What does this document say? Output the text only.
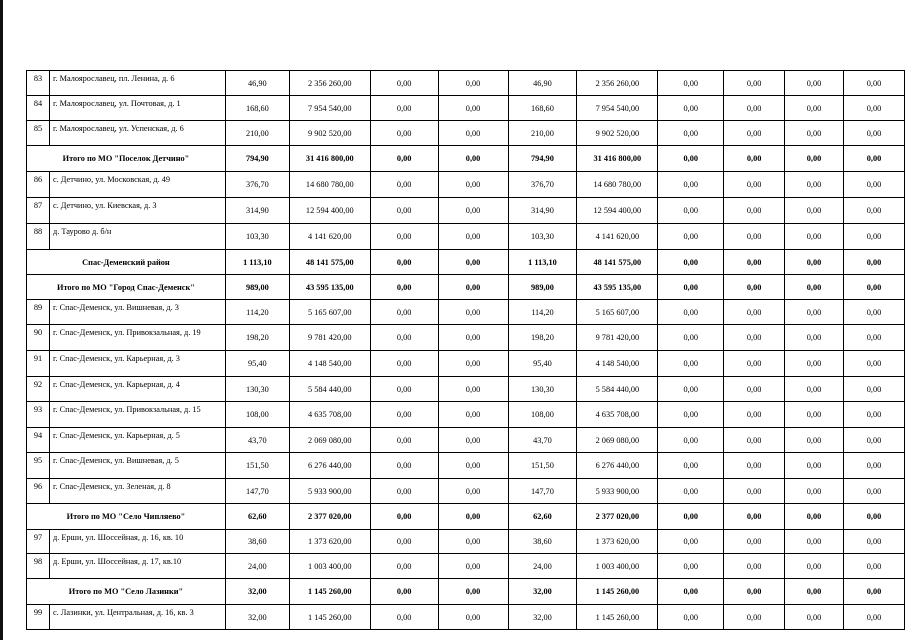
83	г. Малоярославец, пл. Ленина, д. 6	46,90	2 356 260,00	0,00	0,00	46,90	2 356 260,00	0,00	0,00	0,00	0,00
84	г. Малоярославец, ул. Почтовая, д. 1	168,60	7 954 540,00	0,00	0,00	168,60	7 954 540,00	0,00	0,00	0,00	0,00
85	г. Малоярославец, ул. Успенская, д. 6	210,00	9 902 520,00	0,00	0,00	210,00	9 902 520,00	0,00	0,00	0,00	0,00
Итого по МО "Поселок Детчино"		794,90	31 416 800,00	0,00	0,00	794,90	31 416 800,00	0,00	0,00	0,00	0,00
86	с. Детчино, ул. Московская, д. 49	376,70	14 680 780,00	0,00	0,00	376,70	14 680 780,00	0,00	0,00	0,00	0,00
87	с. Детчино, ул. Киевская, д. 3	314,90	12 594 400,00	0,00	0,00	314,90	12 594 400,00	0,00	0,00	0,00	0,00
88	д. Таурово д. б/н	103,30	4 141 620,00	0,00	0,00	103,30	4 141 620,00	0,00	0,00	0,00	0,00
Спас-Деменский район		1 113,10	48 141 575,00	0,00	0,00	1 113,10	48 141 575,00	0,00	0,00	0,00	0,00
Итого по МО "Город Спас-Деменск"		989,00	43 595 135,00	0,00	0,00	989,00	43 595 135,00	0,00	0,00	0,00	0,00
89	г. Спас-Деменск, ул. Вишневая, д. 3	114,20	5 165 607,00	0,00	0,00	114,20	5 165 607,00	0,00	0,00	0,00	0,00
90	г. Спас-Деменск, ул. Привокзальная, д. 19	198,20	9 781 420,00	0,00	0,00	198,20	9 781 420,00	0,00	0,00	0,00	0,00
91	г. Спас-Деменск, ул. Карьерная, д. 3	95,40	4 148 540,00	0,00	0,00	95,40	4 148 540,00	0,00	0,00	0,00	0,00
92	г. Спас-Деменск, ул. Карьерная, д. 4	130,30	5 584 440,00	0,00	0,00	130,30	5 584 440,00	0,00	0,00	0,00	0,00
93	г. Спас-Деменск, ул. Привокзальная, д. 15	108,00	4 635 708,00	0,00	0,00	108,00	4 635 708,00	0,00	0,00	0,00	0,00
94	г. Спас-Деменск, ул. Карьерная, д. 5	43,70	2 069 080,00	0,00	0,00	43,70	2 069 080,00	0,00	0,00	0,00	0,00
95	г. Спас-Деменск, ул. Вишневая, д. 5	151,50	6 276 440,00	0,00	0,00	151,50	6 276 440,00	0,00	0,00	0,00	0,00
96	г. Спас-Деменск, ул. Зеленая, д. 8	147,70	5 933 900,00	0,00	0,00	147,70	5 933 900,00	0,00	0,00	0,00	0,00
Итого по МО "Село Чипляево"		62,60	2 377 020,00	0,00	0,00	62,60	2 377 020,00	0,00	0,00	0,00	0,00
97	д. Ерши, ул. Шоссейная, д. 16, кв. 10	38,60	1 373 620,00	0,00	0,00	38,60	1 373 620,00	0,00	0,00	0,00	0,00
98	д. Ерши, ул. Шоссейная, д. 17, кв.10	24,00	1 003 400,00	0,00	0,00	24,00	1 003 400,00	0,00	0,00	0,00	0,00
Итого по МО "Село Лазинки"		32,00	1 145 260,00	0,00	0,00	32,00	1 145 260,00	0,00	0,00	0,00	0,00
99	с. Лазинки, ул. Центральная, д. 16, кв. 3	32,00	1 145 260,00	0,00	0,00	32,00	1 145 260,00	0,00	0,00	0,00	0,00
